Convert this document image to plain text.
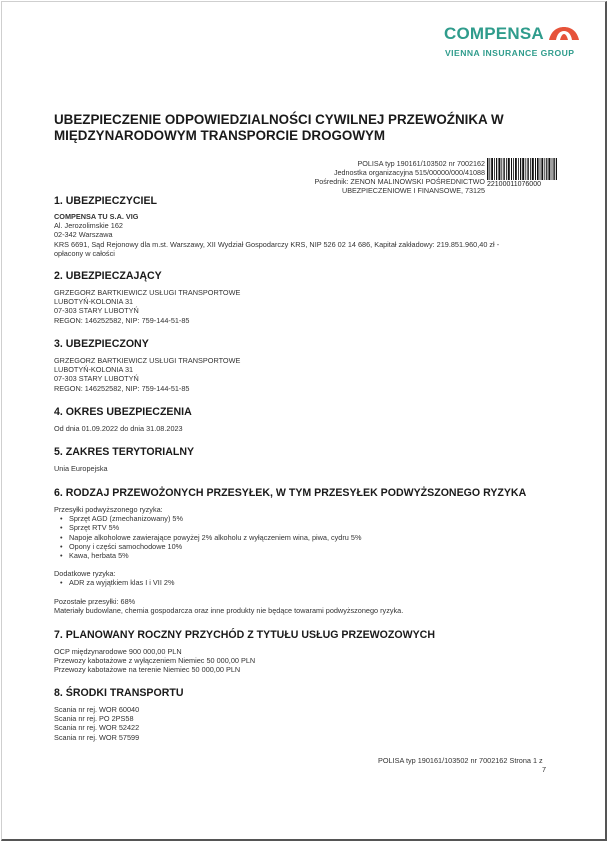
COMPENSA
VIENNA INSURANCE GROUP
UBEZPIECZENIE ODPOWIEDZIALNOŚCI CYWILNEJ PRZEWOŹNIKA W MIĘDZYNARODOWYM TRANSPORCIE DROGOWYM
POLISA typ 190161/103502 nr 7002162
Jednostka organizacyjna 515/00000/000/41088
Pośrednik: ZENON MALINOWSKI POŚREDNICTWO
UBEZPIECZENIOWE I FINANSOWE, 73125
22100011076000
1. UBEZPIECZYCIEL

COMPENSA TU S.A. VIG

Al. Jerozolimskie 162

02-342 Warszawa

KRS 6691, Sąd Rejonowy dla m.st. Warszawy, XII Wydział Gospodarczy KRS, NIP 526 02 14 686, Kapitał zakładowy: 219.851.960,40 zł -

opłacony w całości

2. UBEZPIECZAJĄCY

GRZEGORZ BARTKIEWICZ USŁUGI TRANSPORTOWE

LUBOTYŃ-KOLONIA 31

07-303 STARY LUBOTYŃ

REGON: 146252582, NIP: 759-144-51-85

3. UBEZPIECZONY

GRZEGORZ BARTKIEWICZ USŁUGI TRANSPORTOWE

LUBOTYŃ-KOLONIA 31

07-303 STARY LUBOTYŃ

REGON: 146252582, NIP: 759-144-51-85

4. OKRES UBEZPIECZENIA

Od dnia 01.09.2022 do dnia 31.08.2023

5. ZAKRES TERYTORIALNY

Unia Europejska

6. RODZAJ PRZEWOŻONYCH PRZESYŁEK, W TYM PRZESYŁEK PODWYŻSZONEGO RYZYKA

Przesyłki podwyższonego ryzyka:

• Sprzęt AGD (zmechanizowany) 5%
• Sprzęt RTV 5%
• Napoje alkoholowe zawierające powyżej 2% alkoholu z wyłączeniem wina, piwa, cydru 5%
• Opony i części samochodowe 10%
• Kawa, herbata 5%

Dodatkowe ryzyka:

• ADR za wyjątkiem klas I i VII 2%

Pozostałe przesyłki: 68%

Materiały budowlane, chemia gospodarcza oraz inne produkty nie będące towarami podwyższonego ryzyka.

7. PLANOWANY ROCZNY PRZYCHÓD Z TYTUŁU USŁUG PRZEWOZOWYCH

OCP międzynarodowe 900 000,00 PLN

Przewozy kabotażowe z wyłączeniem Niemiec 50 000,00 PLN

Przewozy kabotażowe na terenie Niemiec 50 000,00 PLN

8. ŚRODKI TRANSPORTU

Scania nr rej. WOR 60040

Scania nr rej. PO 2PS58

Scania nr rej. WOR 52422

Scania nr rej. WOR 57599

POLISA typ 190161/103502 nr 7002162 Strona 1 z
7
